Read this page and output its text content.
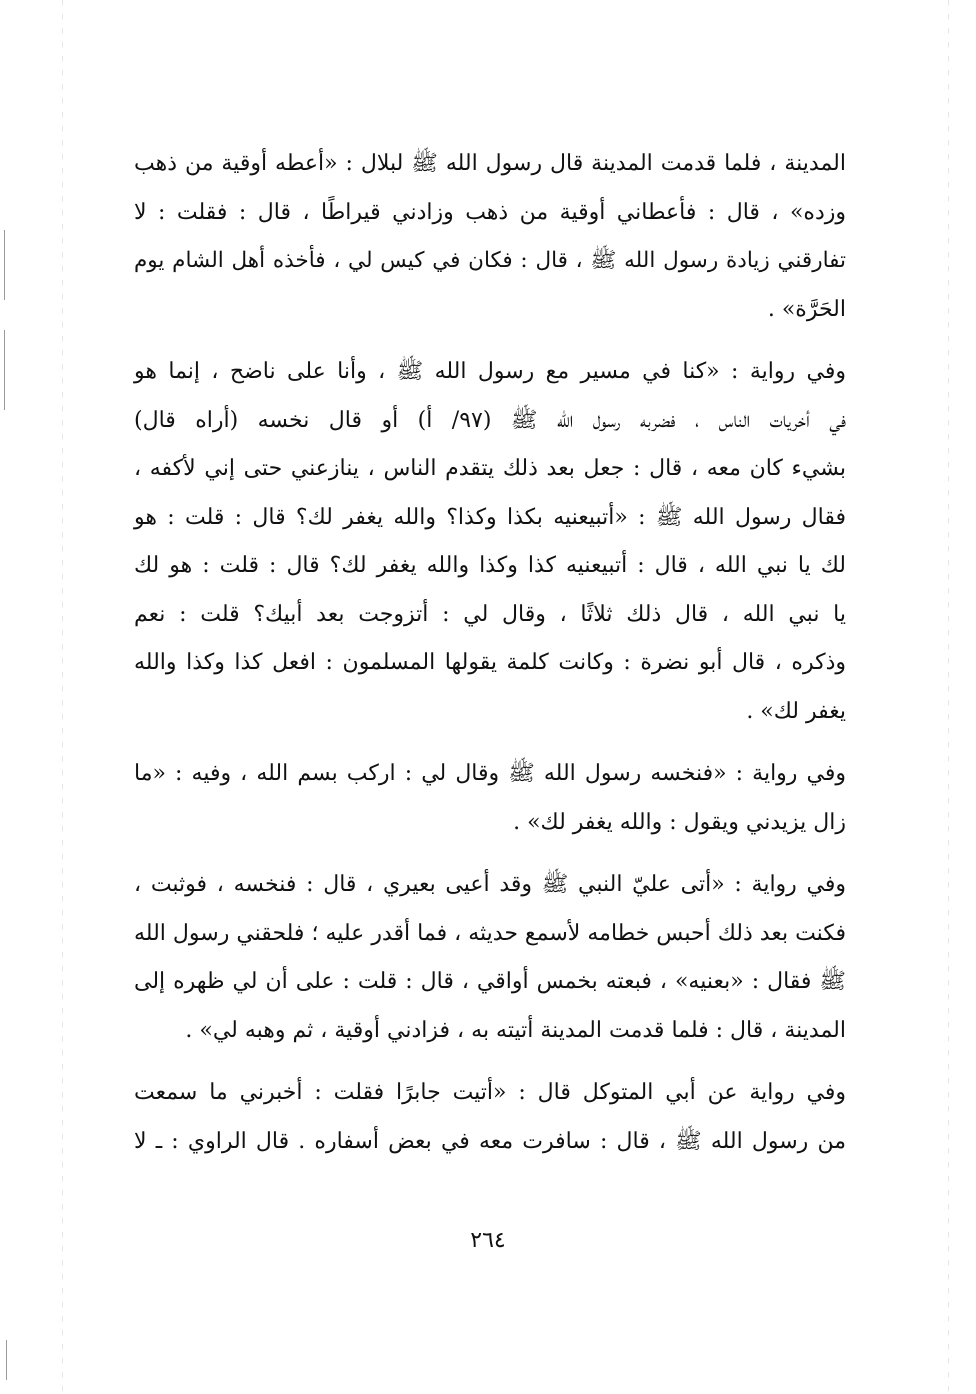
المدينة ، فلما قدمت المدينة قال رسول الله ﷺ لبلال : «أعطه أوقية من ذهب
وزده» ، قال : فأعطاني أوقية من ذهب وزادني قيراطًا ، قال : فقلت : لا
تفارقني زيادة رسول الله ﷺ ، قال : فكان في كيس لي ، فأخذه أهل الشام يوم
الحَرَّة» .

وفي رواية : «كنا في مسير مع رسول الله ﷺ ، وأنا على ناضح ، إنما هو
في أخريات الناس ، فضربه رسول الله ﷺ (٩٧/ أ) أو قال نخسه (أراه قال)
بشيء كان معه ، قال : جعل بعد ذلك يتقدم الناس ، ينازعني حتى إني لأكفه ،
فقال رسول الله ﷺ : «أتبيعنيه بكذا وكذا؟ والله يغفر لك؟ قال : قلت : هو
لك يا نبي الله ، قال : أتبيعنيه كذا وكذا والله يغفر لك؟ قال : قلت : هو لك
يا نبي الله ، قال ذلك ثلاثًا ، وقال لي : أتزوجت بعد أبيك؟ قلت : نعم
وذكره ، قال أبو نضرة : وكانت كلمة يقولها المسلمون : افعل كذا وكذا والله
يغفر لك» .

وفي رواية : «فنخسه رسول الله ﷺ وقال لي : اركب بسم الله ، وفيه : «ما
زال يزيدني ويقول : والله يغفر لك» .

وفي رواية : «أتى عليّ النبي ﷺ وقد أعيى بعيري ، قال : فنخسه ، فوثبت ،
فكنت بعد ذلك أحبس خطامه لأسمع حديثه ، فما أقدر عليه ؛ فلحقني رسول الله
ﷺ فقال : «بعنيه» ، فبعته بخمس أواقي ، قال : قلت : على أن لي ظهره إلى
المدينة ، قال : فلما قدمت المدينة أتيته به ، فزادني أوقية ، ثم وهبه لي» .

وفي رواية عن أبي المتوكل قال : «أتيت جابرًا فقلت : أخبرني ما سمعت
من رسول الله ﷺ ، قال : سافرت معه في بعض أسفاره . قال الراوي : ـ لا

٢٦٤
